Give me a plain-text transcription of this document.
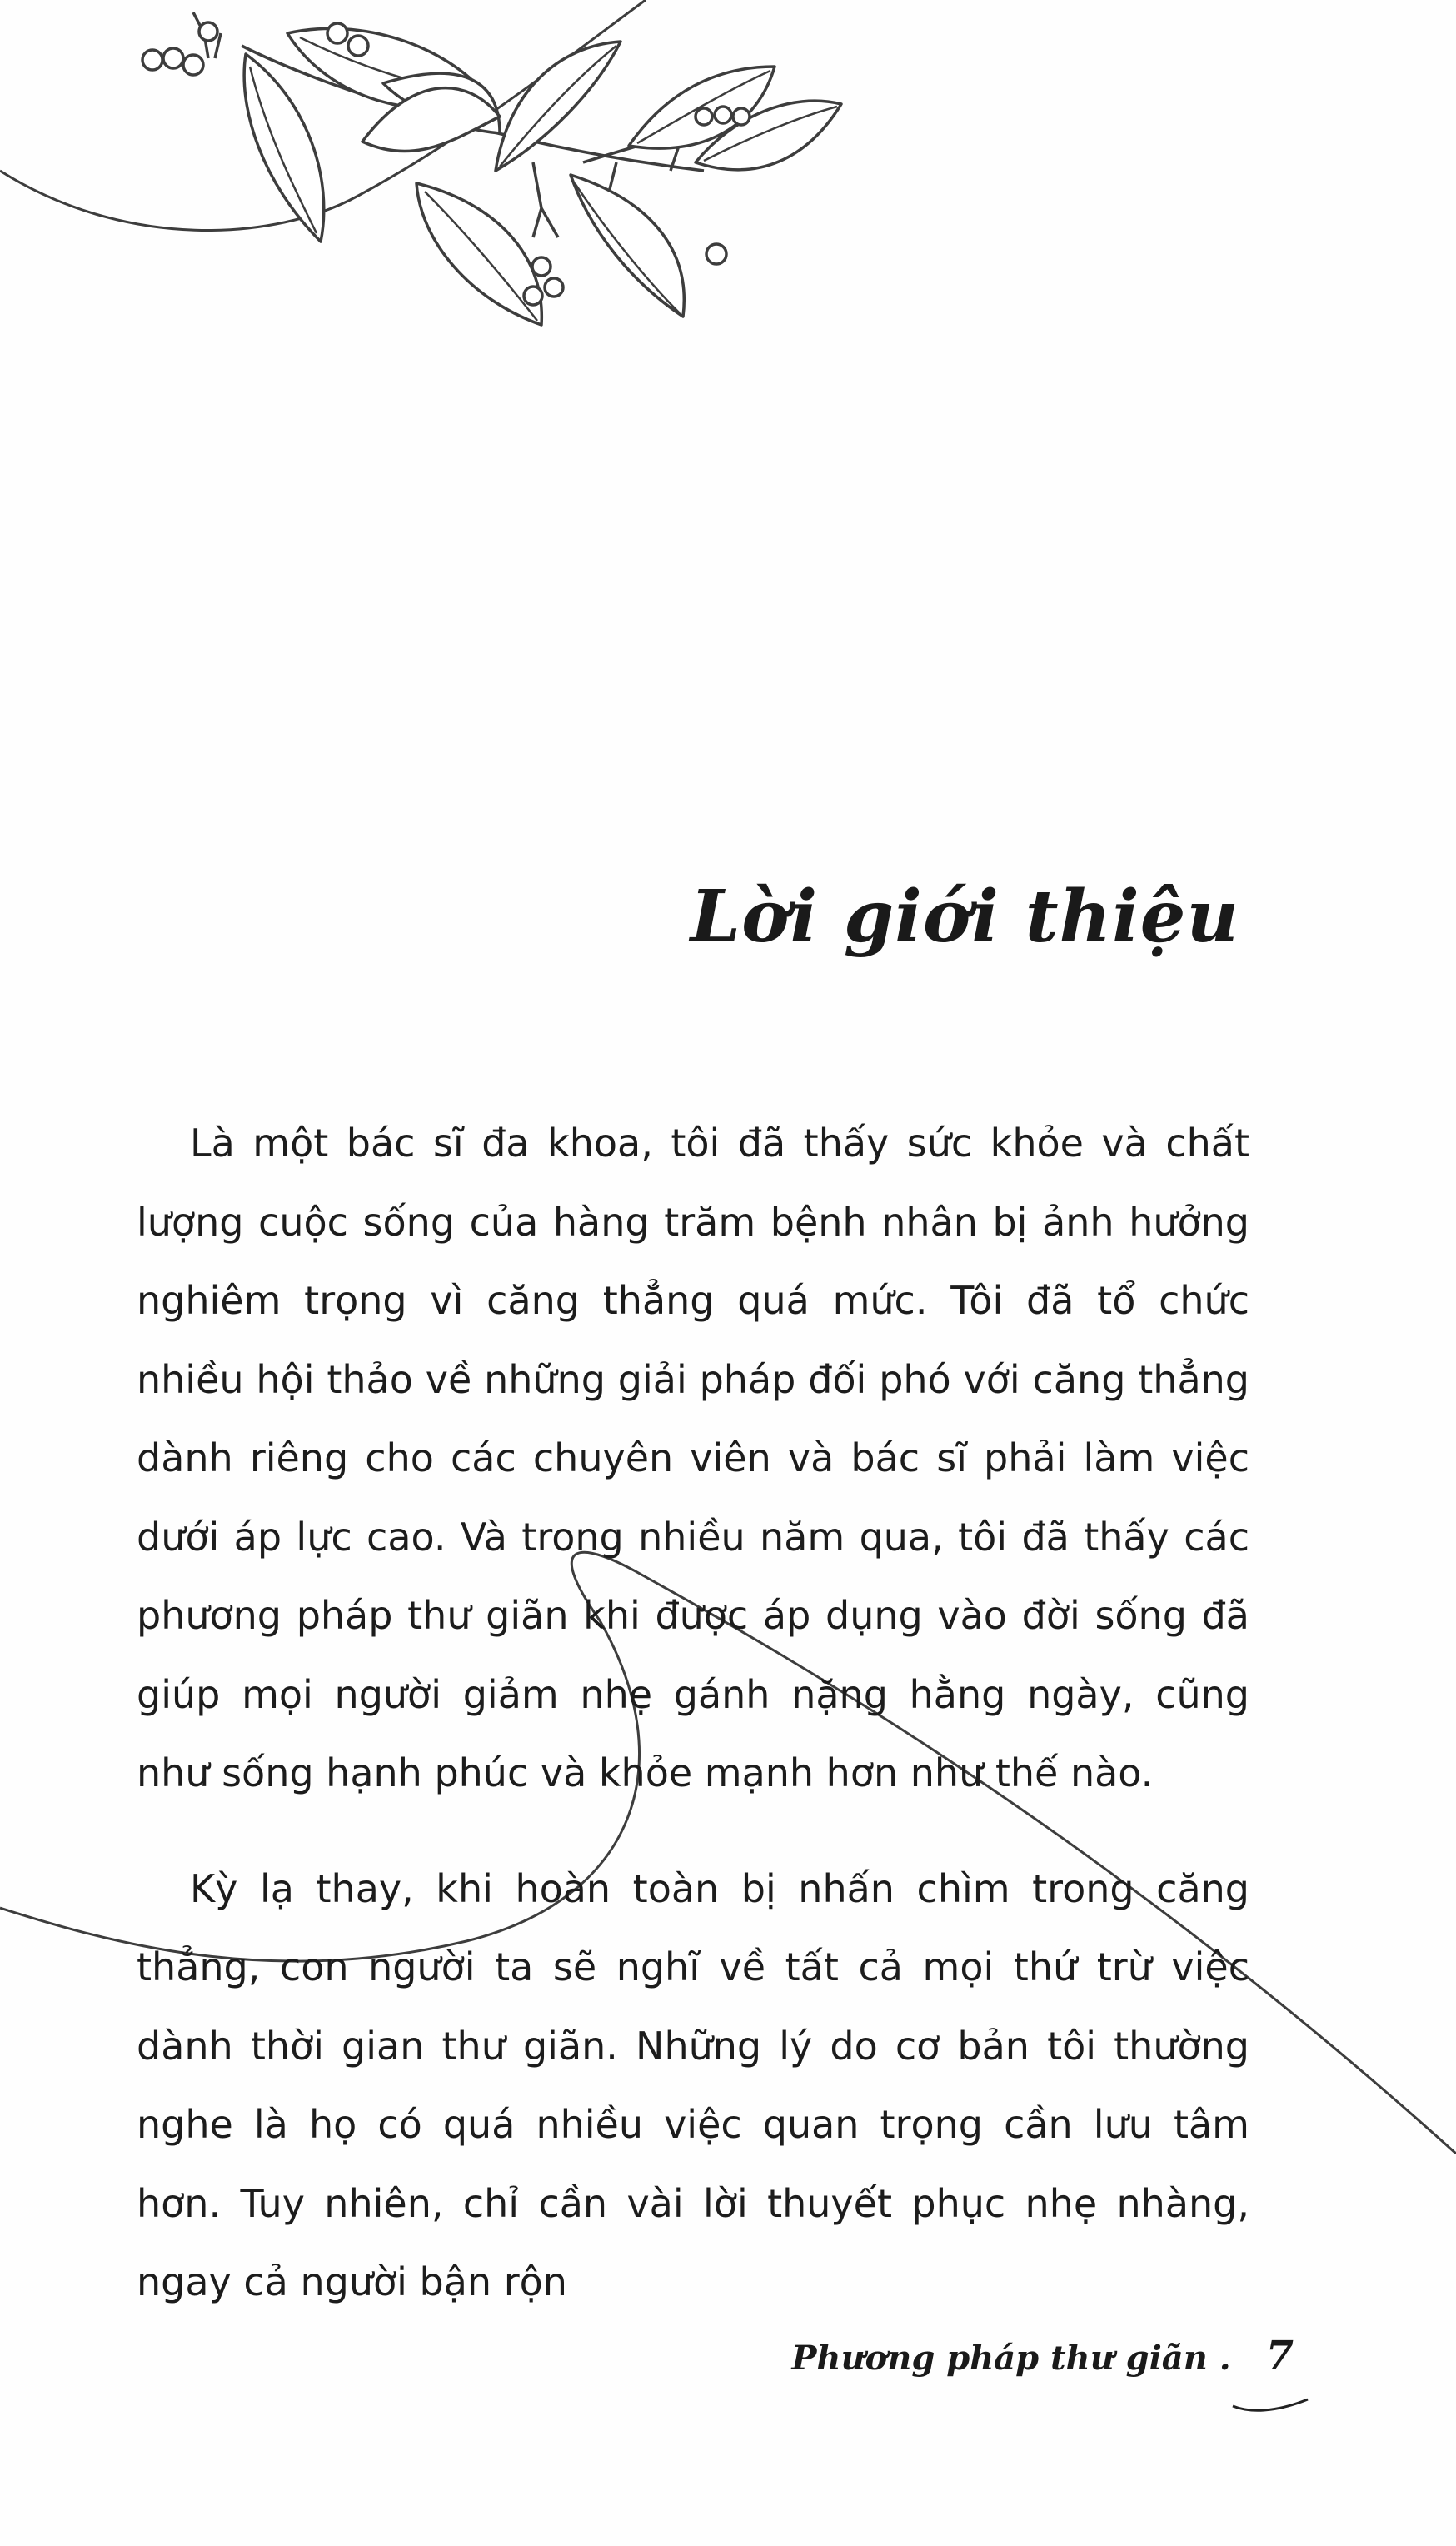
Lời giới thiệu

Là một bác sĩ đa khoa, tôi đã thấy sức khỏe và chất lượng cuộc sống của hàng trăm bệnh nhân bị ảnh hưởng nghiêm trọng vì căng thẳng quá mức. Tôi đã tổ chức nhiều hội thảo về những giải pháp đối phó với căng thẳng dành riêng cho các chuyên viên và bác sĩ phải làm việc dưới áp lực cao. Và trong nhiều năm qua, tôi đã thấy các phương pháp thư giãn khi được áp dụng vào đời sống đã giúp mọi người giảm nhẹ gánh nặng hằng ngày, cũng như sống hạnh phúc và khỏe mạnh hơn như thế nào.

Kỳ lạ thay, khi hoàn toàn bị nhấn chìm trong căng thẳng, con người ta sẽ nghĩ về tất cả mọi thứ trừ việc dành thời gian thư giãn. Những lý do cơ bản tôi thường nghe là họ có quá nhiều việc quan trọng cần lưu tâm hơn. Tuy nhiên, chỉ cần vài lời thuyết phục nhẹ nhàng, ngay cả người bận rộn

Phương pháp thư giãn . 7
